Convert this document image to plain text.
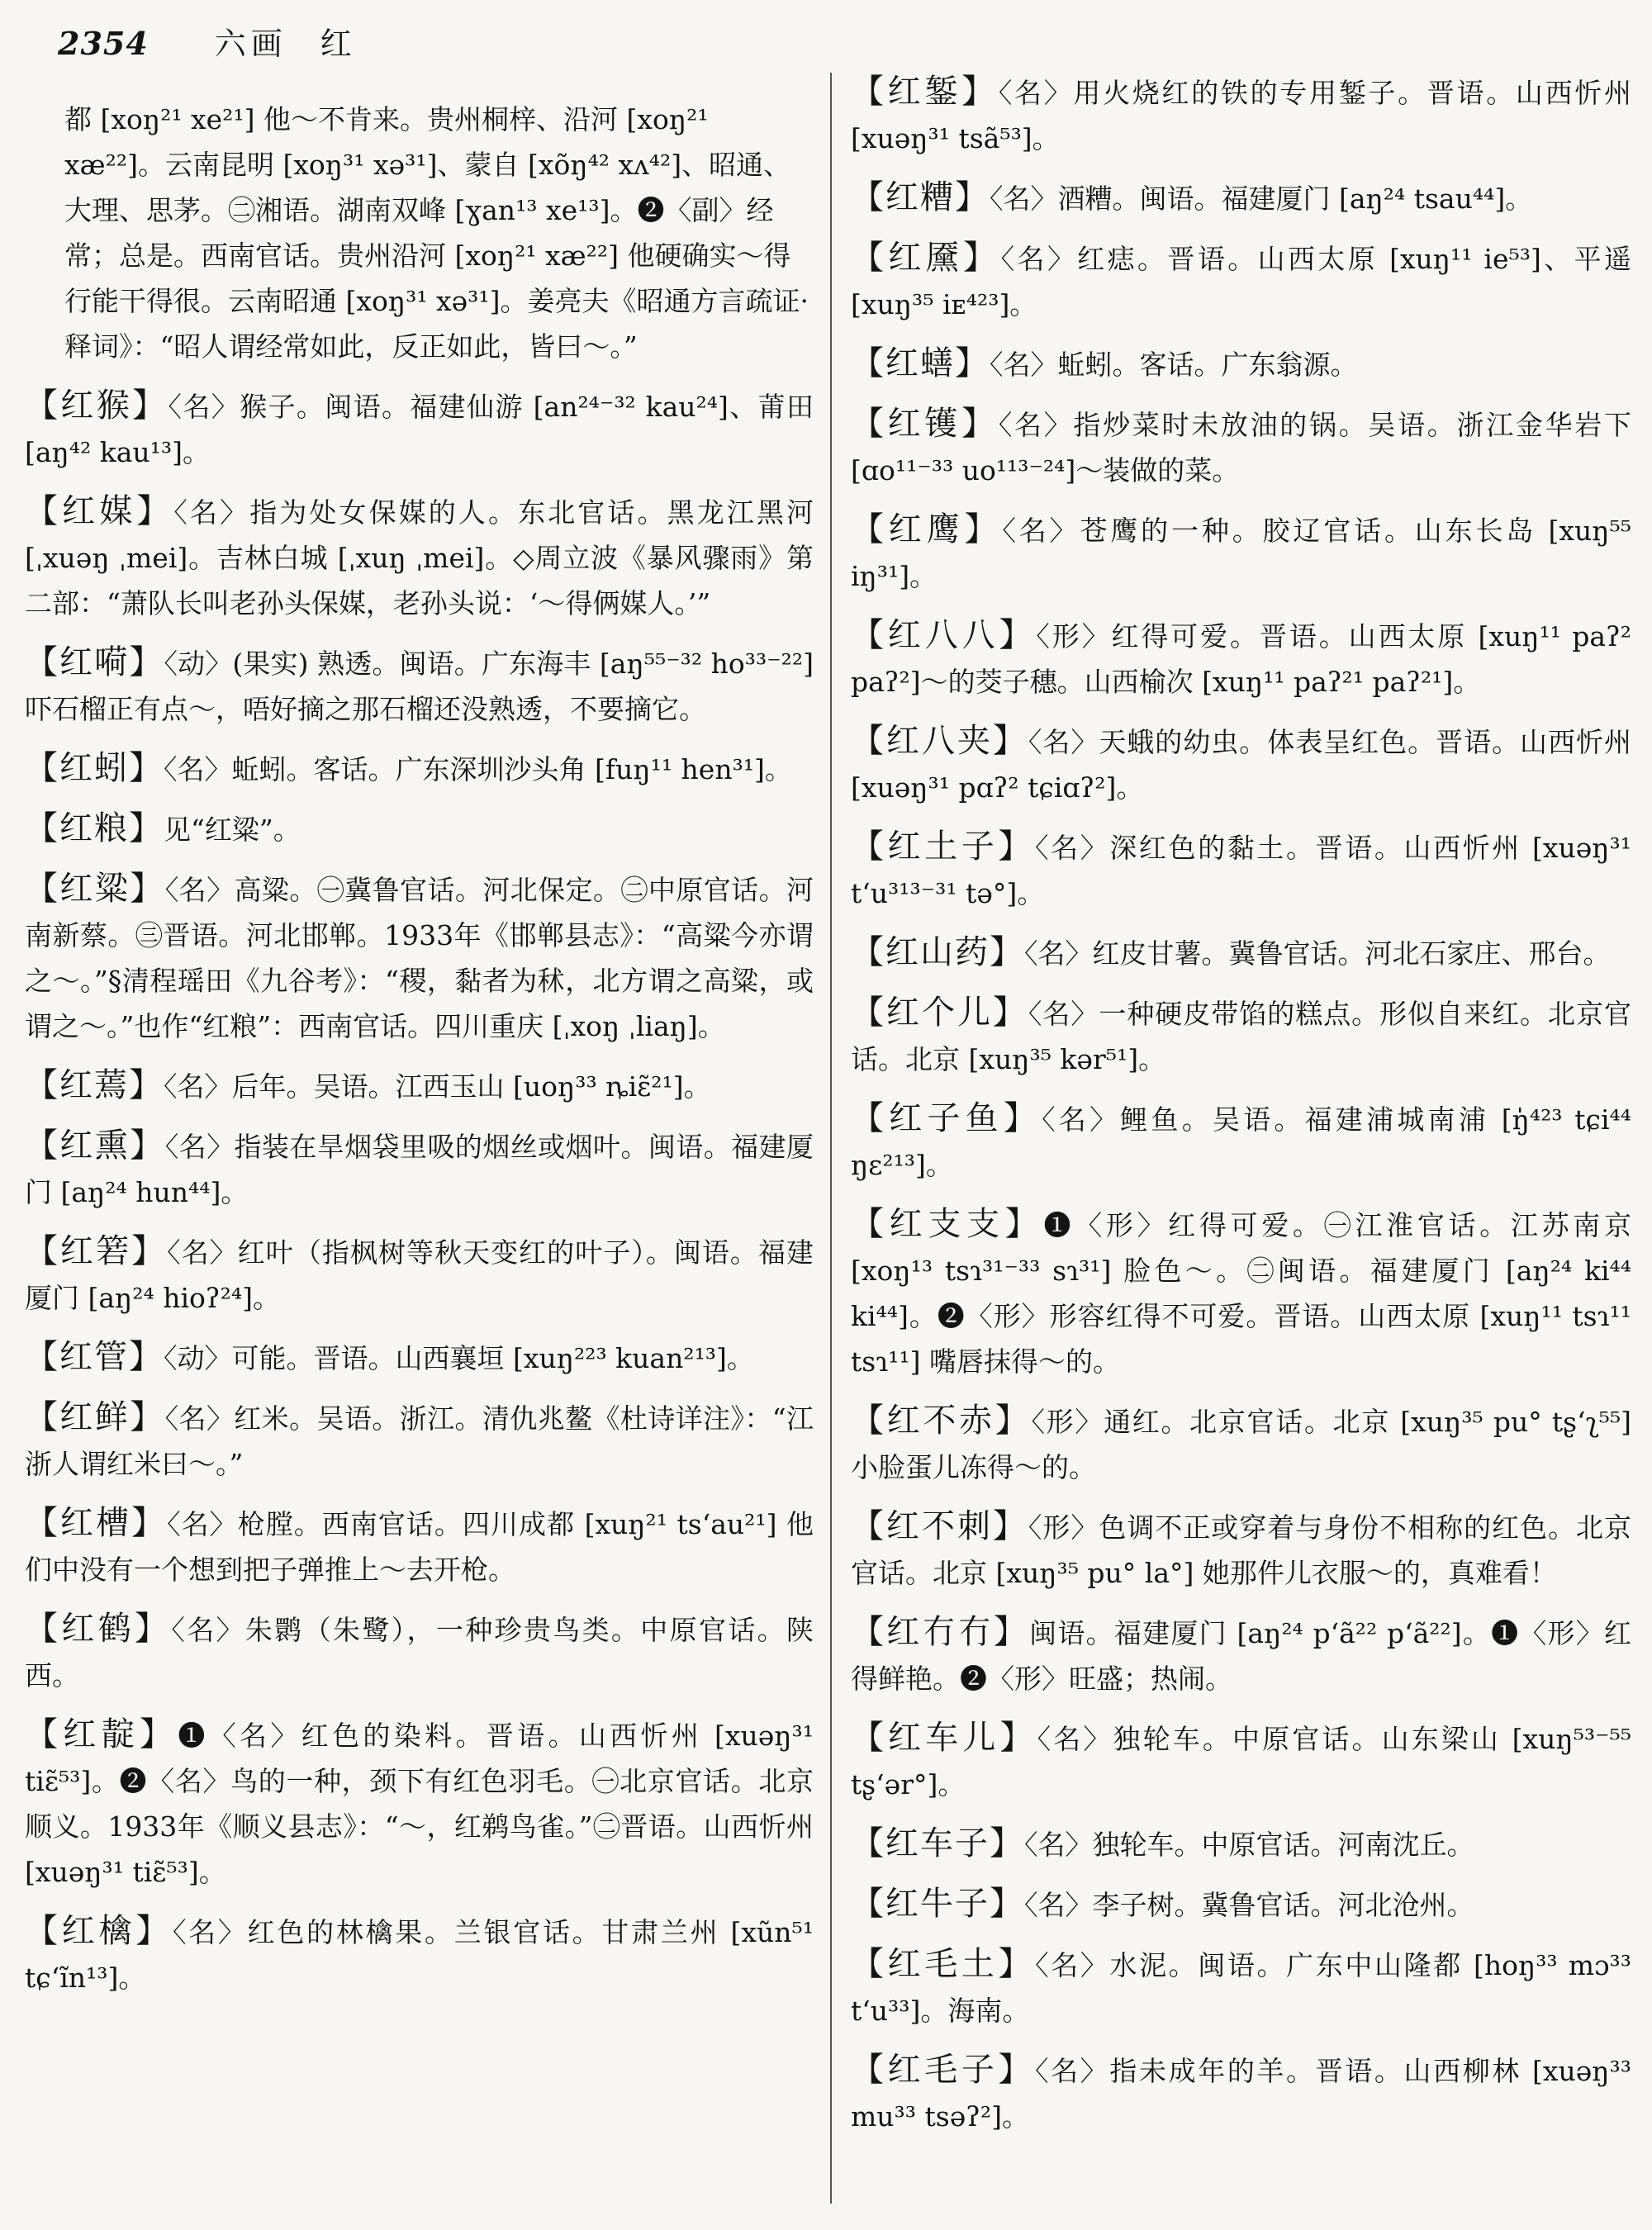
2354 六画 红

都 [xoŋ²¹ xe²¹] 他～不肯来。贵州桐梓、沿河 [xoŋ²¹ xæ²²]。云南昆明 [xoŋ³¹ xə³¹]、蒙自 [xõŋ⁴² xʌ⁴²]、昭通、大理、思茅。㊁湘语。湖南双峰 [ɣan¹³ xe¹³]。❷〈副〉经常；总是。西南官话。贵州沿河 [xoŋ²¹ xæ²²] 他硬确实～得行能干得很。云南昭通 [xoŋ³¹ xə³¹]。姜亮夫《昭通方言疏证·释词》：“昭人谓经常如此，反正如此，皆曰～。”

【红猴】〈名〉猴子。闽语。福建仙游 [an²⁴⁻³² kau²⁴]、莆田 [aŋ⁴² kau¹³]。

【红媒】〈名〉指为处女保媒的人。东北官话。黑龙江黑河 [ˌxuəŋ ˌmei]。吉林白城 [ˌxuŋ ˌmei]。◇周立波《暴风骤雨》第二部：“萧队长叫老孙头保媒，老孙头说：‘～得俩媒人。’”

【红嗬】〈动〉(果实) 熟透。闽语。广东海丰 [aŋ⁵⁵⁻³² ho³³⁻²²] 吓石榴正有点～，唔好摘之那石榴还没熟透，不要摘它。

【红蚓】〈名〉蚯蚓。客话。广东深圳沙头角 [fuŋ¹¹ hen³¹]。

【红粮】见“红粱”。

【红粱】〈名〉高粱。㊀冀鲁官话。河北保定。㊁中原官话。河南新蔡。㊂晋语。河北邯郸。1933年《邯郸县志》：“高粱今亦谓之～。”§清程瑶田《九谷考》：“稷，黏者为秫，北方谓之高粱，或谓之～。”也作“红粮”：西南官话。四川重庆 [ˌxoŋ ˌliaŋ]。

【红蔫】〈名〉后年。吴语。江西玉山 [uoŋ³³ ȵiɛ̃²¹]。

【红熏】〈名〉指装在旱烟袋里吸的烟丝或烟叶。闽语。福建厦门 [aŋ²⁴ hun⁴⁴]。

【红箬】〈名〉红叶（指枫树等秋天变红的叶子）。闽语。福建厦门 [aŋ²⁴ hioʔ²⁴]。

【红管】〈动〉可能。晋语。山西襄垣 [xuŋ²²³ kuan²¹³]。

【红鲜】〈名〉红米。吴语。浙江。清仇兆鳌《杜诗详注》：“江浙人谓红米曰～。”

【红槽】〈名〉枪膛。西南官话。四川成都 [xuŋ²¹ tsʻau²¹] 他们中没有一个想到把子弹推上～去开枪。

【红鹤】〈名〉朱鹮（朱鹭），一种珍贵鸟类。中原官话。陕西。

【红靛】❶〈名〉红色的染料。晋语。山西忻州 [xuəŋ³¹ tiɛ̃⁵³]。❷〈名〉鸟的一种，颈下有红色羽毛。㊀北京官话。北京顺义。1933年《顺义县志》：“～，红鹈鸟雀。”㊁晋语。山西忻州 [xuəŋ³¹ tiɛ̃⁵³]。

【红檎】〈名〉红色的林檎果。兰银官话。甘肃兰州 [xũn⁵¹ tɕʻĩn¹³]。

【红錾】〈名〉用火烧红的铁的专用錾子。晋语。山西忻州 [xuəŋ³¹ tsã⁵³]。

【红糟】〈名〉酒糟。闽语。福建厦门 [aŋ²⁴ tsau⁴⁴]。

【红黡】〈名〉红痣。晋语。山西太原 [xuŋ¹¹ ie⁵³]、平遥 [xuŋ³⁵ iᴇ⁴²³]。

【红蟮】〈名〉蚯蚓。客话。广东翁源。

【红镬】〈名〉指炒菜时未放油的锅。吴语。浙江金华岩下 [ɑo¹¹⁻³³ uo¹¹³⁻²⁴]～装做的菜。

【红鹰】〈名〉苍鹰的一种。胶辽官话。山东长岛 [xuŋ⁵⁵ iŋ³¹]。

【红八八】〈形〉红得可爱。晋语。山西太原 [xuŋ¹¹ paʔ² paʔ²]～的茭子穗。山西榆次 [xuŋ¹¹ paʔ²¹ paʔ²¹]。

【红八夹】〈名〉天蛾的幼虫。体表呈红色。晋语。山西忻州 [xuəŋ³¹ pɑʔ² tɕiɑʔ²]。

【红土子】〈名〉深红色的黏土。晋语。山西忻州 [xuəŋ³¹ tʻu³¹³⁻³¹ tə°]。

【红山药】〈名〉红皮甘薯。冀鲁官话。河北石家庄、邢台。

【红个儿】〈名〉一种硬皮带馅的糕点。形似自来红。北京官话。北京 [xuŋ³⁵ kər⁵¹]。

【红子鱼】〈名〉鲤鱼。吴语。福建浦城南浦 [ŋ̍⁴²³ tɕi⁴⁴ ŋɛ²¹³]。

【红支支】❶〈形〉红得可爱。㊀江淮官话。江苏南京 [xoŋ¹³ tsɿ³¹⁻³³ sɿ³¹] 脸色～。㊁闽语。福建厦门 [aŋ²⁴ ki⁴⁴ ki⁴⁴]。❷〈形〉形容红得不可爱。晋语。山西太原 [xuŋ¹¹ tsɿ¹¹ tsɿ¹¹] 嘴唇抹得～的。

【红不赤】〈形〉通红。北京官话。北京 [xuŋ³⁵ pu° tʂʻʅ⁵⁵] 小脸蛋儿冻得～的。

【红不刺】〈形〉色调不正或穿着与身份不相称的红色。北京官话。北京 [xuŋ³⁵ pu° la°] 她那件儿衣服～的，真难看！

【红冇冇】闽语。福建厦门 [aŋ²⁴ pʻã²² pʻã²²]。❶〈形〉红得鲜艳。❷〈形〉旺盛；热闹。

【红车儿】〈名〉独轮车。中原官话。山东梁山 [xuŋ⁵³⁻⁵⁵ tʂʻər°]。

【红车子】〈名〉独轮车。中原官话。河南沈丘。

【红牛子】〈名〉李子树。冀鲁官话。河北沧州。

【红毛土】〈名〉水泥。闽语。广东中山隆都 [hoŋ³³ mɔ³³ tʻu³³]。海南。

【红毛子】〈名〉指未成年的羊。晋语。山西柳林 [xuəŋ³³ mu³³ tsəʔ²]。
